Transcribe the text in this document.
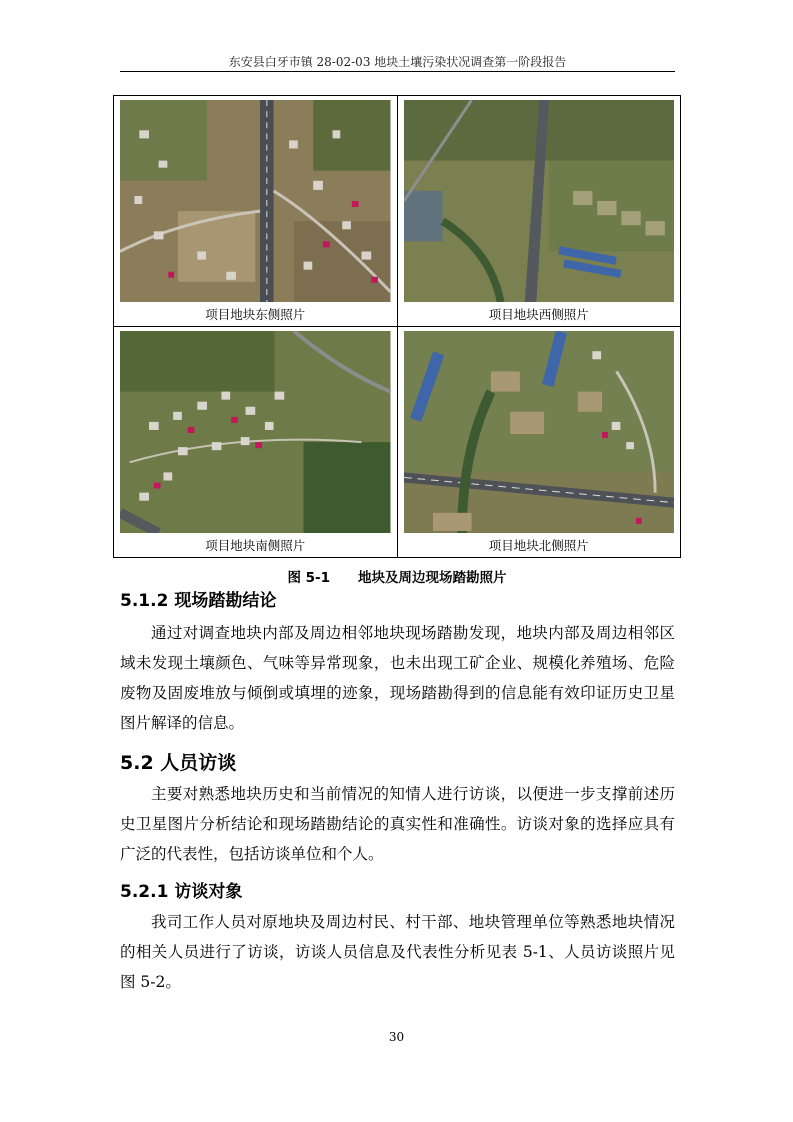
东安县白牙市镇 28-02-03 地块土壤污染状况调查第一阶段报告
项目地块东侧照片	项目地块西侧照片

项目地块南侧照片	项目地块北侧照片
图 5-1 地块及周边现场踏勘照片
5.1.2 现场踏勘结论

通过对调查地块内部及周边相邻地块现场踏勘发现，地块内部及周边相邻区域未发现土壤颜色、气味等异常现象，也未出现工矿企业、规模化养殖场、危险废物及固废堆放与倾倒或填埋的迹象，现场踏勘得到的信息能有效印证历史卫星图片解译的信息。

5.2 人员访谈

主要对熟悉地块历史和当前情况的知情人进行访谈，以便进一步支撑前述历史卫星图片分析结论和现场踏勘结论的真实性和准确性。访谈对象的选择应具有广泛的代表性，包括访谈单位和个人。

5.2.1 访谈对象

我司工作人员对原地块及周边村民、村干部、地块管理单位等熟悉地块情况的相关人员进行了访谈，访谈人员信息及代表性分析见表 5-1、人员访谈照片见图 5-2。

30
